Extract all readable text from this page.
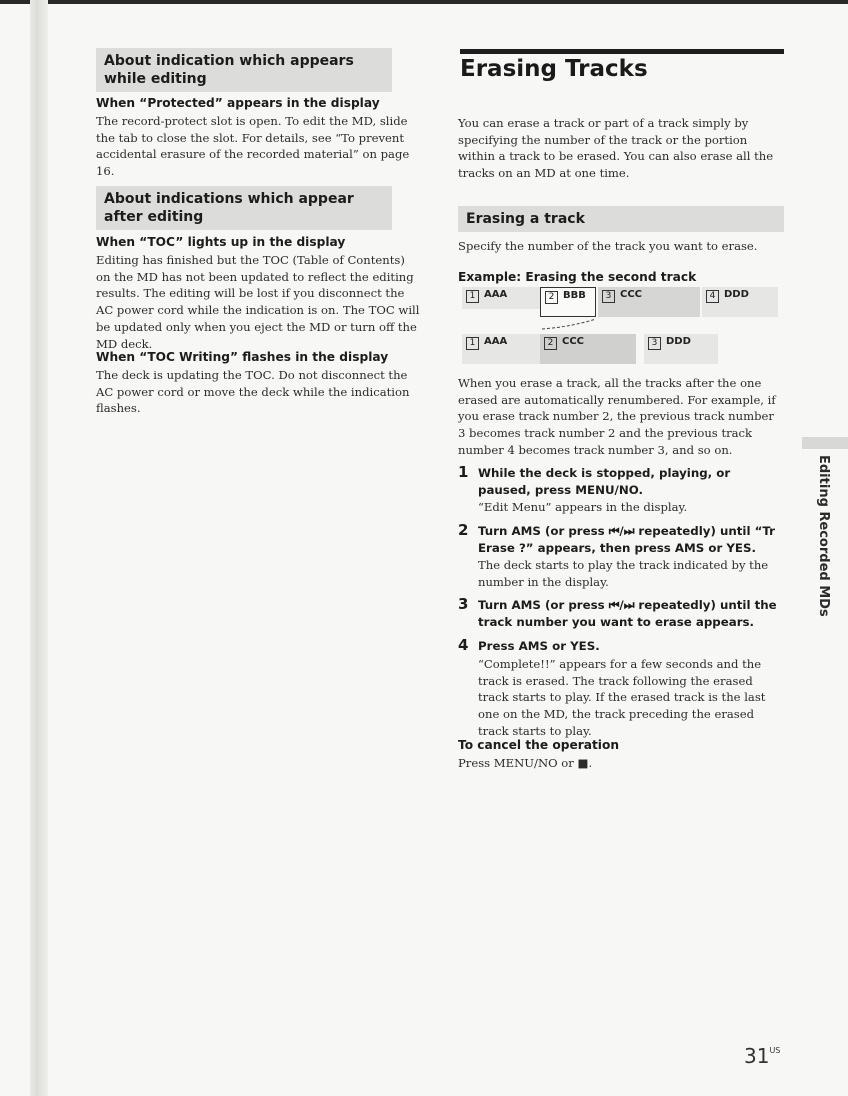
About indication which appears while editing
When “Protected” appears in the display
The record-protect slot is open. To edit the MD, slide the tab to close the slot. For details, see “To prevent accidental erasure of the recorded material” on page 16.
About indications which appear after editing
When “TOC” lights up in the display
Editing has finished but the TOC (Table of Contents) on the MD has not been updated to reflect the editing results. The editing will be lost if you disconnect the AC power cord while the indication is on. The TOC will be updated only when you eject the MD or turn off the MD deck.
When “TOC Writing” flashes in the display
The deck is updating the TOC. Do not disconnect the AC power cord or move the deck while the indication flashes.
Erasing Tracks
You can erase a track or part of a track simply by specifying the number of the track or the portion within a track to be erased. You can also erase all the tracks on an MD at one time.
Erasing a track
Specify the number of the track you want to erase.
Example: Erasing the second track
1 AAA	2 BBB	3 CCC	4 DDD
1 AAA	2 CCC	3 DDD
When you erase a track, all the tracks after the one erased are automatically renumbered. For example, if you erase track number 2, the previous track number 3 becomes track number 2 and the previous track number 4 becomes track number 3, and so on.
1 While the deck is stopped, playing, or paused, press MENU/NO.
“Edit Menu” appears in the display.
2 Turn AMS (or press ⏮/⏭ repeatedly) until “Tr Erase ?” appears, then press AMS or YES.
The deck starts to play the track indicated by the number in the display.
3 Turn AMS (or press ⏮/⏭ repeatedly) until the track number you want to erase appears.
4 Press AMS or YES.
“Complete!!” appears for a few seconds and the track is erased. The track following the erased track starts to play. If the erased track is the last one on the MD, the track preceding the erased track starts to play.
To cancel the operation
Press MENU/NO or ■.
Editing Recorded MDs
$31^{US}$
